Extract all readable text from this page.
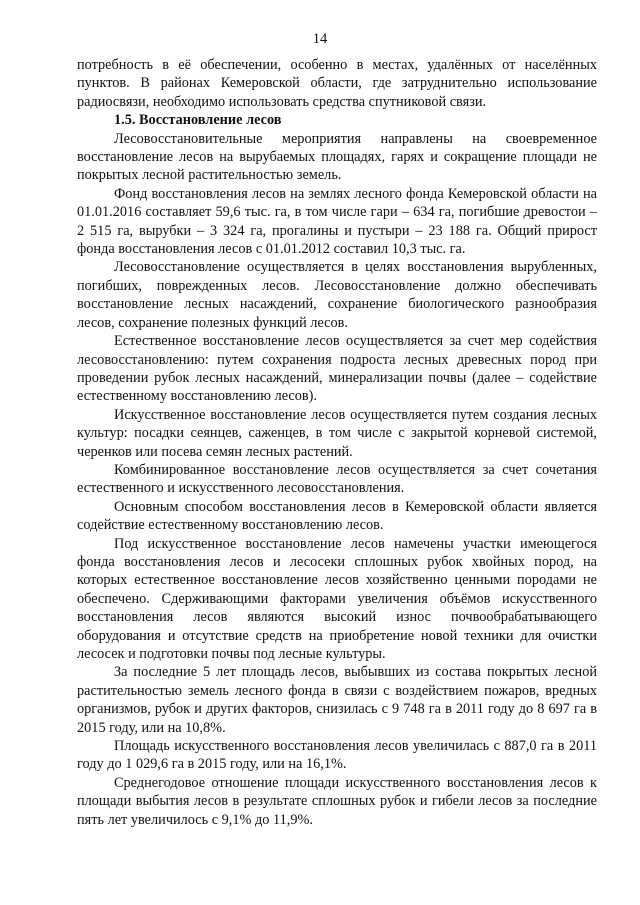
14

потребность в её обеспечении, особенно в местах, удалённых от населённых пунктов. В районах Кемеровской области, где затруднительно использование радиосвязи, необходимо использовать средства спутниковой связи.

1.5. Восстановление лесов

Лесовосстановительные мероприятия направлены на своевременное восстановление лесов на вырубаемых площадях, гарях и сокращение площади не покрытых лесной растительностью земель.

Фонд восстановления лесов на землях лесного фонда Кемеровской области на 01.01.2016 составляет 59,6 тыс. га, в том числе гари – 634 га, погибшие древостои – 2 515 га, вырубки – 3 324 га, прогалины и пустыри – 23 188 га. Общий прирост фонда восстановления лесов с 01.01.2012 составил 10,3 тыс. га.

Лесовосстановление осуществляется в целях восстановления вырубленных, погибших, поврежденных лесов. Лесовосстановление должно обеспечивать восстановление лесных насаждений, сохранение биологического разнообразия лесов, сохранение полезных функций лесов.

Естественное восстановление лесов осуществляется за счет мер содействия лесовосстановлению: путем сохранения подроста лесных древесных пород при проведении рубок лесных насаждений, минерализации почвы (далее – содействие естественному восстановлению лесов).

Искусственное восстановление лесов осуществляется путем создания лесных культур: посадки сеянцев, саженцев, в том числе с закрытой корневой системой, черенков или посева семян лесных растений.

Комбинированное восстановление лесов осуществляется за счет сочетания естественного и искусственного лесовосстановления.

Основным способом восстановления лесов в Кемеровской области является содействие естественному восстановлению лесов.

Под искусственное восстановление лесов намечены участки имеющегося фонда восстановления лесов и лесосеки сплошных рубок хвойных пород, на которых естественное восстановление лесов хозяйственно ценными породами не обеспечено. Сдерживающими факторами увеличения объёмов искусственного восстановления лесов являются высокий износ почвообрабатывающего оборудования и отсутствие средств на приобретение новой техники для очистки лесосек и подготовки почвы под лесные культуры.

За последние 5 лет площадь лесов, выбывших из состава покрытых лесной растительностью земель лесного фонда в связи с воздействием пожаров, вредных организмов, рубок и других факторов, снизилась с 9 748 га в 2011 году до 8 697 га в 2015 году, или на 10,8%.

Площадь искусственного восстановления лесов увеличилась с 887,0 га в 2011 году до 1 029,6 га в 2015 году, или на 16,1%.

Среднегодовое отношение площади искусственного восстановления лесов к площади выбытия лесов в результате сплошных рубок и гибели лесов за последние пять лет увеличилось с 9,1% до 11,9%.
